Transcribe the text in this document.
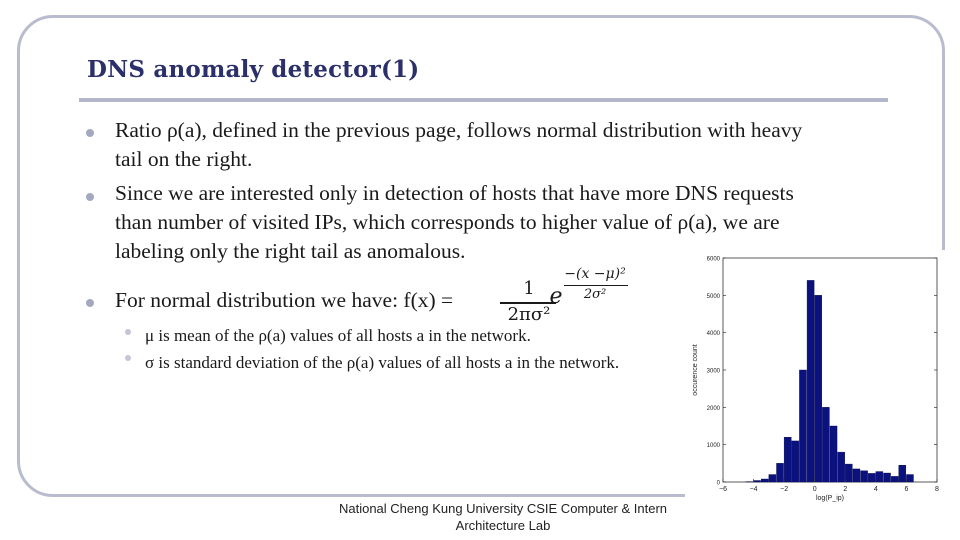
DNS anomaly detector(1)
Ratio ρ(a), defined in the previous page, follows normal distribution with heavy
tail on the right.
Since we are interested only in detection of hosts that have more DNS requests
than number of visited IPs, which corresponds to higher value of ρ(a), we are
labeling only the right tail as anomalous.
For normal distribution we have: f(x) =	1
2πσ²
e
−(x −μ)²
2σ²
μ is mean of the ρ(a) values of all hosts a in the network.
σ is standard deviation of the ρ(a) values of all hosts a in the network.
0
1000
2000
3000
4000
5000
6000
−6	−4	−2	0	2	4	6	8
log(P_ip)
occurence count
National Cheng Kung University CSIE Computer & Intern
Architecture Lab
